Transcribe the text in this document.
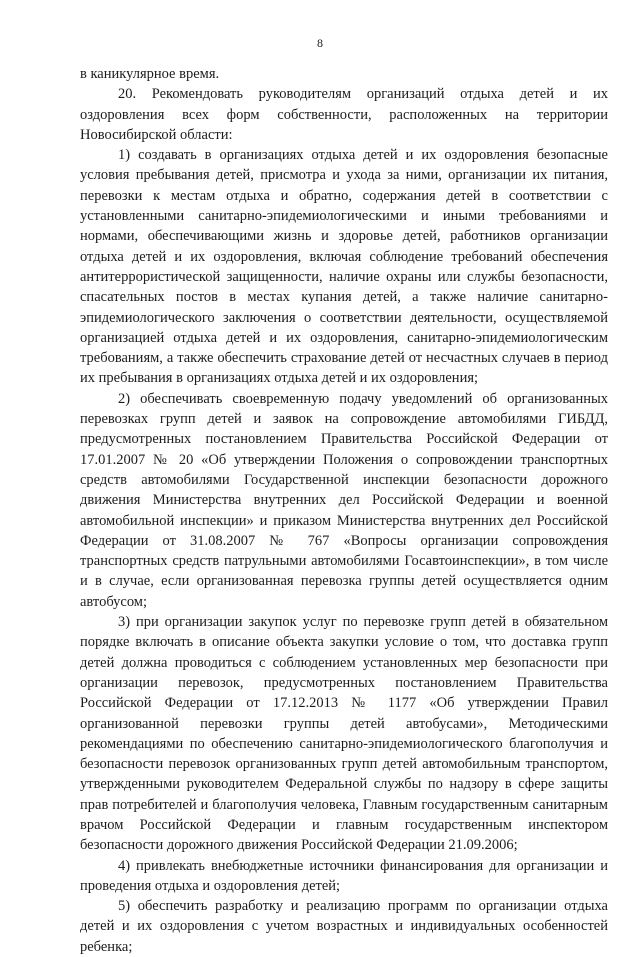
8

в каникулярное время.

20. Рекомендовать руководителям организаций отдыха детей и их оздоровления всех форм собственности, расположенных на территории Новосибирской области:

1) создавать в организациях отдыха детей и их оздоровления безопасные условия пребывания детей, присмотра и ухода за ними, организации их питания, перевозки к местам отдыха и обратно, содержания детей в соответствии с установленными санитарно-эпидемиологическими и иными требованиями и нормами, обеспечивающими жизнь и здоровье детей, работников организации отдыха детей и их оздоровления, включая соблюдение требований обеспечения антитеррористической защищенности, наличие охраны или службы безопасности, спасательных постов в местах купания детей, а также наличие санитарно-эпидемиологического заключения о соответствии деятельности, осуществляемой организацией отдыха детей и их оздоровления, санитарно-эпидемиологическим требованиям, а также обеспечить страхование детей от несчастных случаев в период их пребывания в организациях отдыха детей и их оздоровления;

2) обеспечивать своевременную подачу уведомлений об организованных перевозках групп детей и заявок на сопровождение автомобилями ГИБДД, предусмотренных постановлением Правительства Российской Федерации от 17.01.2007 № 20 «Об утверждении Положения о сопровождении транспортных средств автомобилями Государственной инспекции безопасности дорожного движения Министерства внутренних дел Российской Федерации и военной автомобильной инспекции» и приказом Министерства внутренних дел Российской Федерации от 31.08.2007 № 767 «Вопросы организации сопровождения транспортных средств патрульными автомобилями Госавтоинспекции», в том числе и в случае, если организованная перевозка группы детей осуществляется одним автобусом;

3) при организации закупок услуг по перевозке групп детей в обязательном порядке включать в описание объекта закупки условие о том, что доставка групп детей должна проводиться с соблюдением установленных мер безопасности при организации перевозок, предусмотренных постановлением Правительства Российской Федерации от 17.12.2013 № 1177 «Об утверждении Правил организованной перевозки группы детей автобусами», Методическими рекомендациями по обеспечению санитарно-эпидемиологического благополучия и безопасности перевозок организованных групп детей автомобильным транспортом, утвержденными руководителем Федеральной службы по надзору в сфере защиты прав потребителей и благополучия человека, Главным государственным санитарным врачом Российской Федерации и главным государственным инспектором безопасности дорожного движения Российской Федерации 21.09.2006;

4) привлекать внебюджетные источники финансирования для организации и проведения отдыха и оздоровления детей;

5) обеспечить разработку и реализацию программ по организации отдыха детей и их оздоровления с учетом возрастных и индивидуальных особенностей ребенка;
